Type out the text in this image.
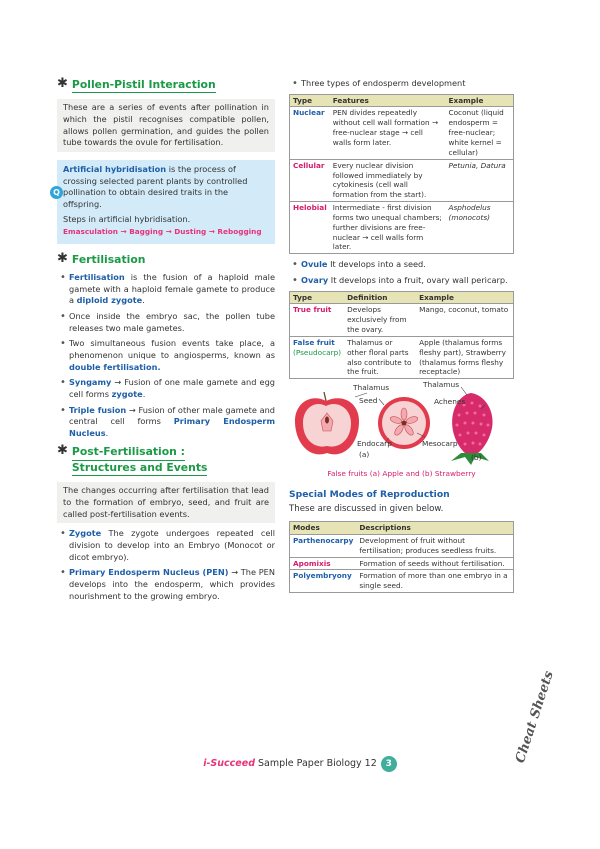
✱ Pollen-Pistil Interaction
These are a series of events after pollination in which the pistil recognises compatible pollen, allows pollen germination, and guides the pollen tube towards the ovule for fertilisation.
Q
Artificial hybridisation is the process of crossing selected parent plants by controlled pollination to obtain desired traits in the offspring.
Steps in artificial hybridisation.
Emasculation → Bagging → Dusting → Rebogging
✱ Fertilisation
• Fertilisation is the fusion of a haploid male gamete with a haploid female gamete to produce a diploid zygote.
• Once inside the embryo sac, the pollen tube releases two male gametes.
• Two simultaneous fusion events take place, a phenomenon unique to angiosperms, known as double fertilisation.
• Syngamy → Fusion of one male gamete and egg cell forms zygote.
• Triple fusion → Fusion of other male gamete and central cell forms Primary Endosperm Nucleus.
✱ Post-Fertilisation :
Structures and Events
The changes occurring after fertilisation that lead to the formation of embryo, seed, and fruit are called post-fertilisation events.
• Zygote The zygote undergoes repeated cell division to develop into an Embryo (Monocot or dicot embryo).
• Primary Endosperm Nucleus (PEN) → The PEN develops into the endosperm, which provides nourishment to the growing embryo.
• Three types of endosperm development
Type	Features	Example
Nuclear	PEN divides repeatedly without cell wall formation → free-nuclear stage → cell walls form later.	Coconut (liquid endosperm = free-nuclear; white kernel = cellular)
Cellular	Every nuclear division followed immediately by cytokinesis (cell wall formation from the start).	Petunia, Datura
Helobial	Intermediate - first division forms two unequal chambers; further divisions are free-nuclear → cell walls form later.	Asphodelus (monocots)
• Ovule It develops into a seed.
• Ovary It develops into a fruit, ovary wall pericarp.
Type	Definition	Example
True fruit	Develops exclusively from the ovary.	Mango, coconut, tomato
False fruit
(Pseudocarp)	Thalamus or other floral parts also contribute to the fruit.	Apple (thalamus forms fleshy part), Strawberry (thalamus forms fleshy receptacle)
Thalamus
Seed
Endocarp	Mesocarp
Thalamus
Achenes
(a)	(b)
False fruits (a) Apple and (b) Strawberry
Special Modes of Reproduction
These are discussed in given below.
Modes	Descriptions
Parthenocarpy	Development of fruit without fertilisation; produces seedless fruits.
Apomixis	Formation of seeds without fertilisation.
Polyembryony	Formation of more than one embryo in a single seed.
i-Succeed Sample Paper Biology 12 3	Cheat Sheets
